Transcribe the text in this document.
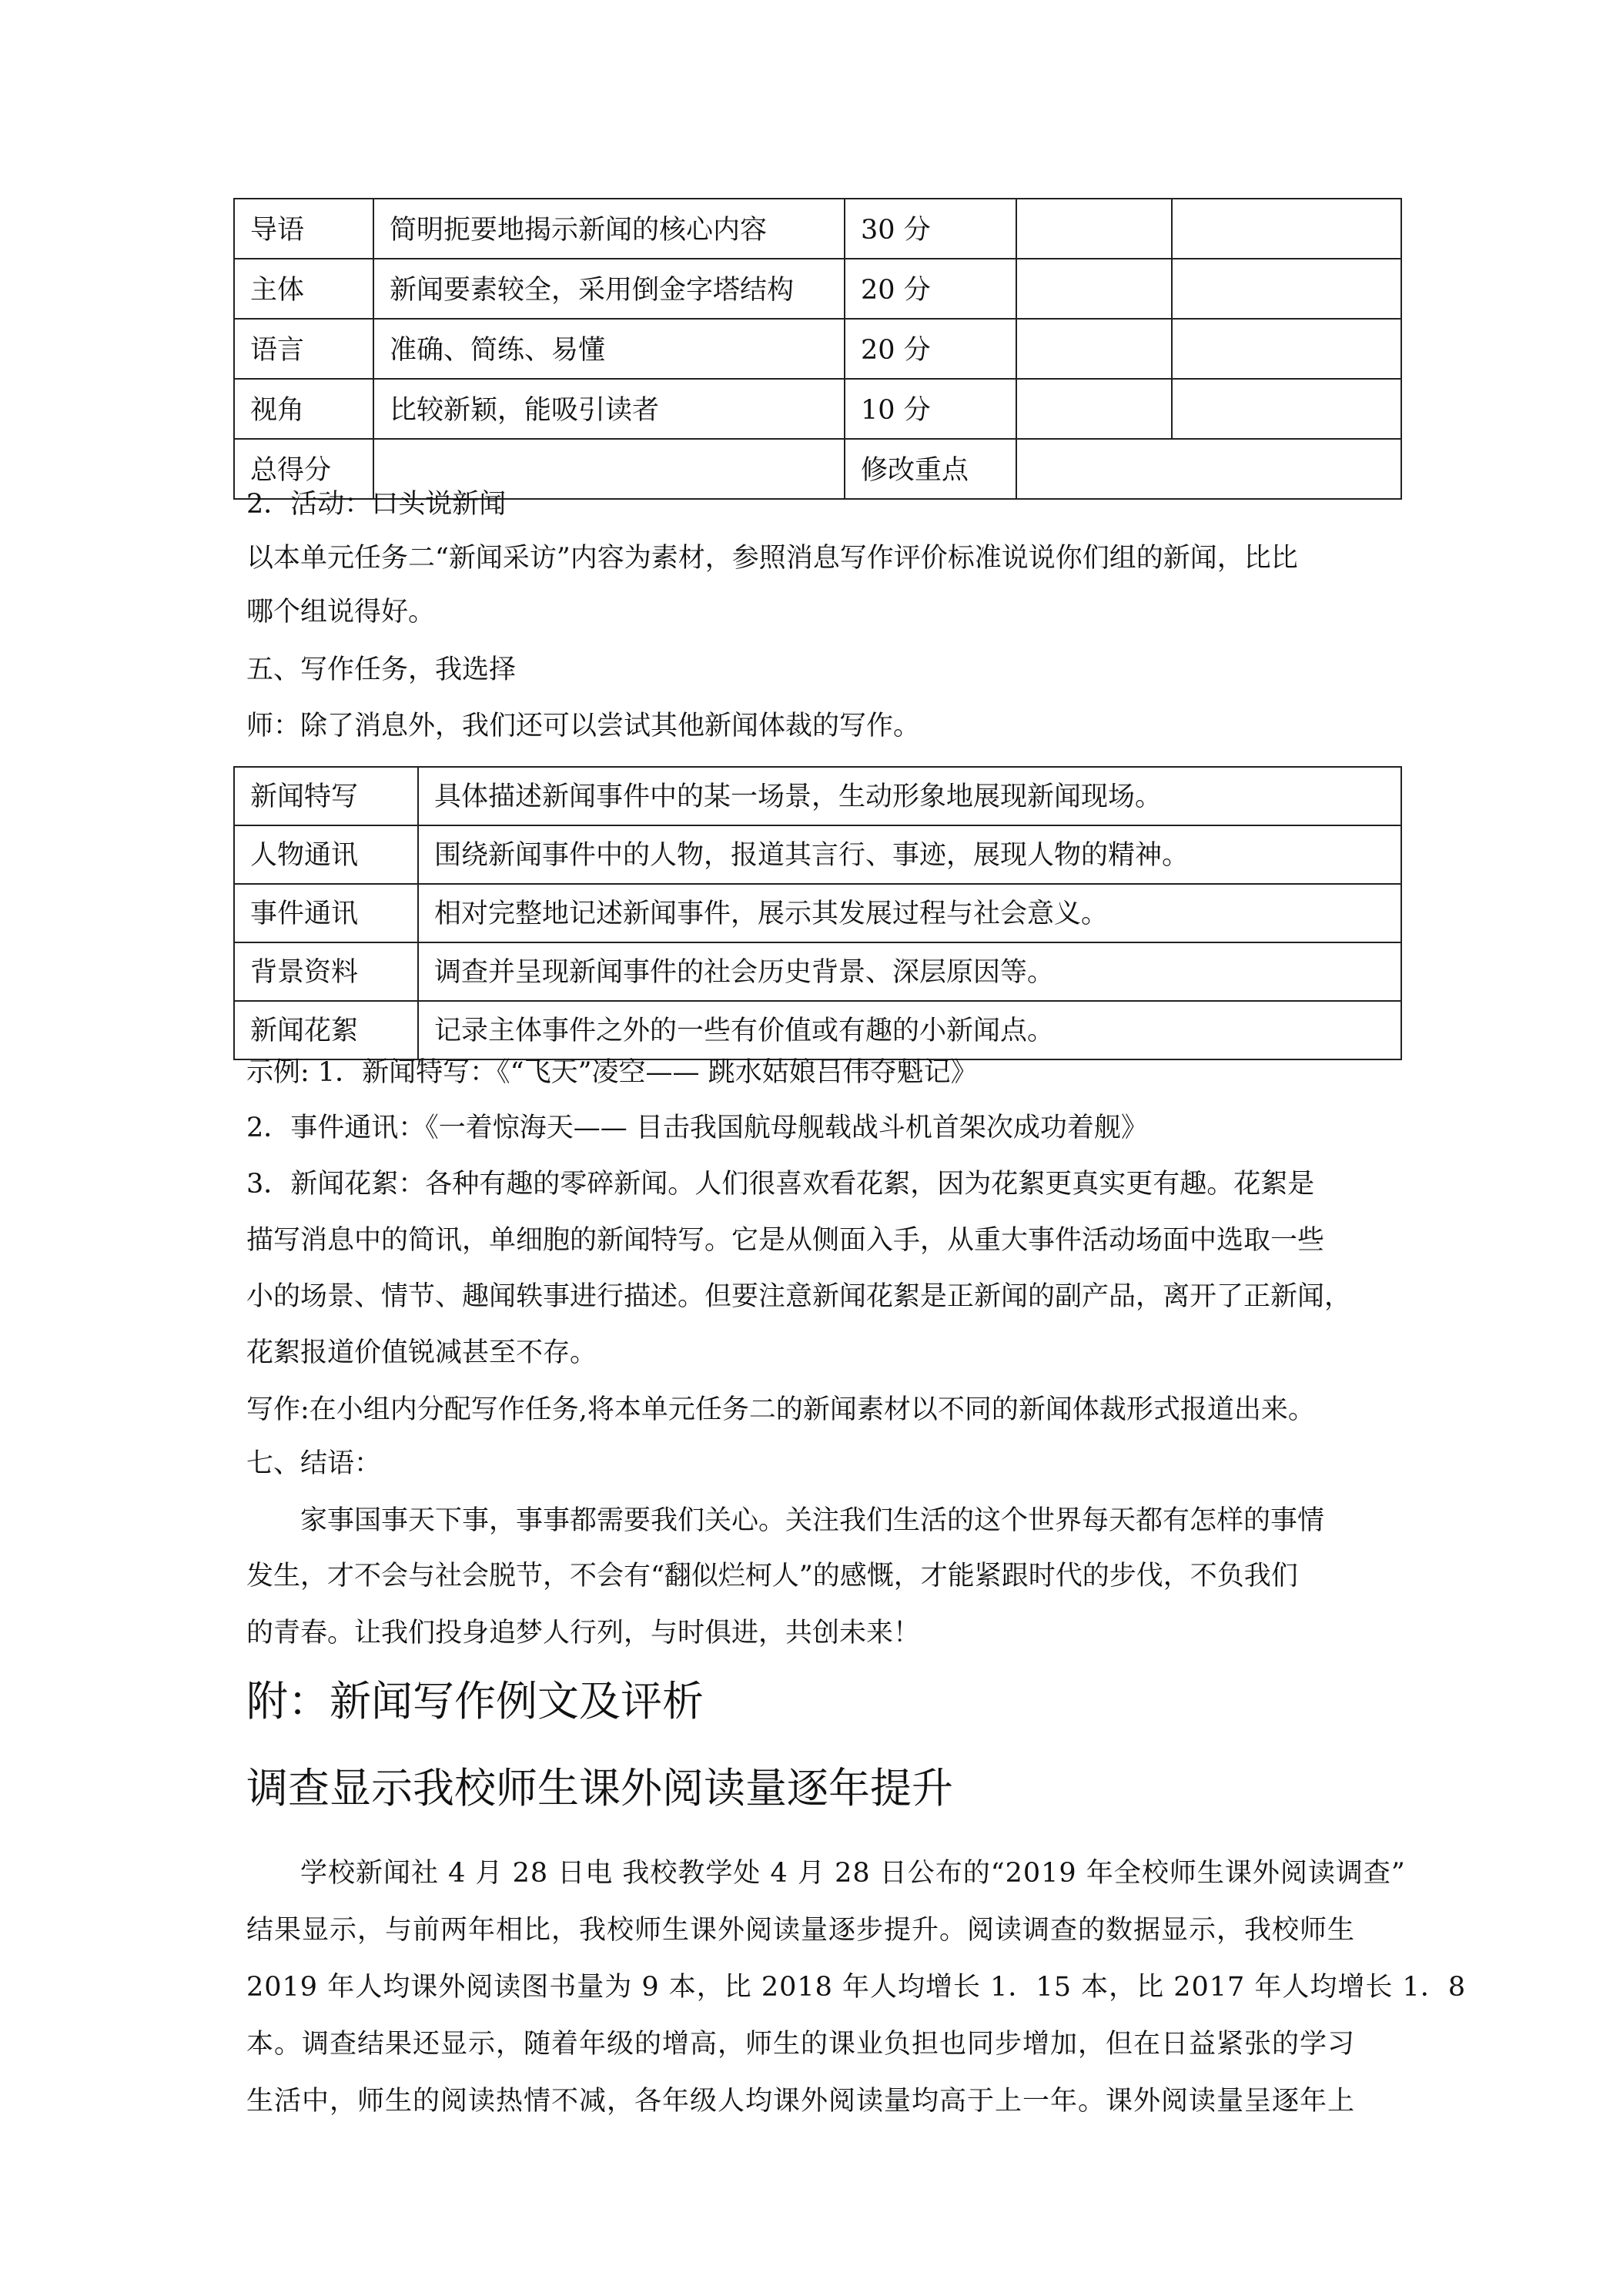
导语	简明扼要地揭示新闻的核心内容	30 分		
主体	新闻要素较全，采用倒金字塔结构	20 分		
语言	准确、简练、易懂	20 分		
视角	比较新颖，能吸引读者	10 分		
总得分		修改重点		
2．活动：口头说新闻
以本单元任务二“新闻采访”内容为素材，参照消息写作评价标准说说你们组的新闻，比比
哪个组说得好。
五、写作任务，我选择
师：除了消息外，我们还可以尝试其他新闻体裁的写作。
新闻特写	具体描述新闻事件中的某一场景，生动形象地展现新闻现场。
人物通讯	围绕新闻事件中的人物，报道其言行、事迹，展现人物的精神。
事件通讯	相对完整地记述新闻事件，展示其发展过程与社会意义。
背景资料	调查并呈现新闻事件的社会历史背景、深层原因等。
新闻花絮	记录主体事件之外的一些有价值或有趣的小新闻点。
示例: 1．新闻特写：《“飞天”凌空—— 跳水姑娘吕伟夺魁记》
2．事件通讯：《一着惊海天—— 目击我国航母舰载战斗机首架次成功着舰》
3．新闻花絮：各种有趣的零碎新闻。人们很喜欢看花絮，因为花絮更真实更有趣。花絮是
描写消息中的简讯，单细胞的新闻特写。它是从侧面入手，从重大事件活动场面中选取一些
小的场景、情节、趣闻轶事进行描述。但要注意新闻花絮是正新闻的副产品，离开了正新闻，
花絮报道价值锐减甚至不存。
写作:在小组内分配写作任务,将本单元任务二的新闻素材以不同的新闻体裁形式报道出来。
七、结语：
家事国事天下事，事事都需要我们关心。关注我们生活的这个世界每天都有怎样的事情
发生，才不会与社会脱节，不会有“翻似烂柯人”的感慨，才能紧跟时代的步伐，不负我们
的青春。让我们投身追梦人行列，与时俱进，共创未来！
附：新闻写作例文及评析
调查显示我校师生课外阅读量逐年提升
学校新闻社 4 月 28 日电 我校教学处 4 月 28 日公布的“2019 年全校师生课外阅读调查”
结果显示，与前两年相比，我校师生课外阅读量逐步提升。阅读调查的数据显示，我校师生
2019 年人均课外阅读图书量为 9 本，比 2018 年人均增长 1．15 本，比 2017 年人均增长 1．8
本。调查结果还显示，随着年级的增高，师生的课业负担也同步增加，但在日益紧张的学习
生活中，师生的阅读热情不减，各年级人均课外阅读量均高于上一年。课外阅读量呈逐年上
